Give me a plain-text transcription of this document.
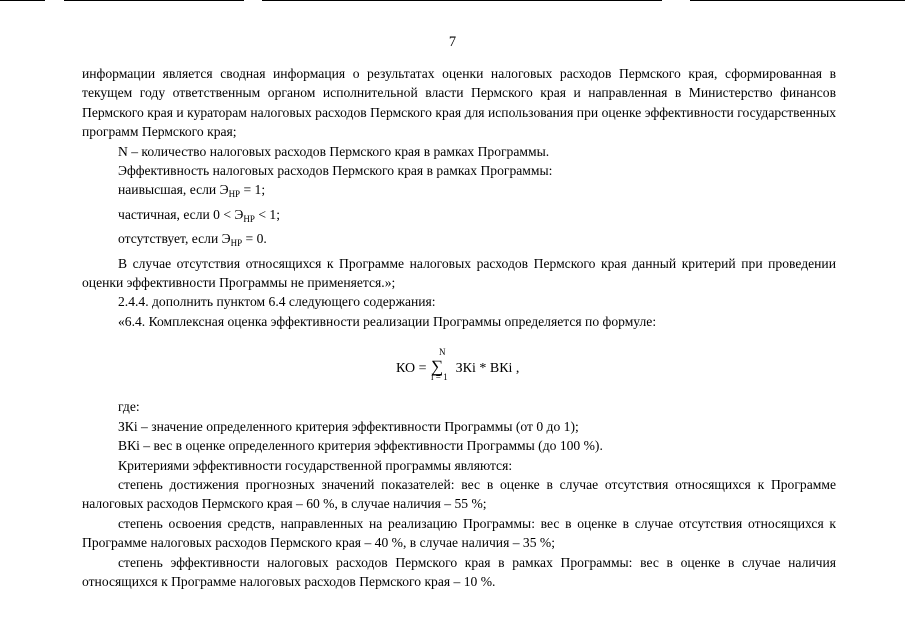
7

информации является сводная информация о результатах оценки налоговых расходов Пермского края, сформированная в текущем году ответственным органом исполнительной власти Пермского края и направленная в Министерство финансов Пермского края и кураторам налоговых расходов Пермского края для использования при оценке эффективности государственных программ Пермского края;

N – количество налоговых расходов Пермского края в рамках Программы.

Эффективность налоговых расходов Пермского края в рамках Программы:

наивысшая, если $Э_{НР} = 1$;

частичная, если $0 < Э_{НР} < 1$;

отсутствует, если $Э_{НР} = 0$.

В случае отсутствия относящихся к Программе налоговых расходов Пермского края данный критерий при проведении оценки эффективности Программы не применяется.»;

2.4.4. дополнить пунктом 6.4 следующего содержания:

«6.4. Комплексная оценка эффективности реализации Программы определяется по формуле:

КО = ∑
N
i = 1
ЗКi * ВКi ,

где:

ЗКi – значение определенного критерия эффективности Программы (от 0 до 1);

ВКi – вес в оценке определенного критерия эффективности Программы (до 100 %).

Критериями эффективности государственной программы являются:

степень достижения прогнозных значений показателей: вес в оценке в случае отсутствия относящихся к Программе налоговых расходов Пермского края – 60 %, в случае наличия – 55 %;

степень освоения средств, направленных на реализацию Программы: вес в оценке в случае отсутствия относящихся к Программе налоговых расходов Пермского края – 40 %, в случае наличия – 35 %;

степень эффективности налоговых расходов Пермского края в рамках Программы: вес в оценке в случае наличия относящихся к Программе налоговых расходов Пермского края – 10 %.
